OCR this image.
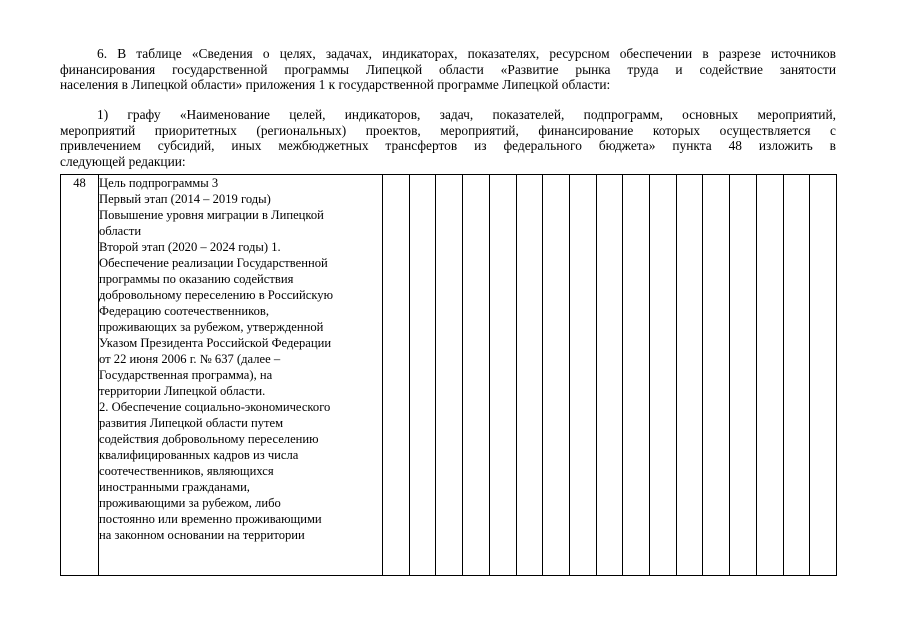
6. В таблице «Сведения о целях, задачах, индикаторах, показателях, ресурсном обеспечении в разрезе источников
финансирования государственной программы Липецкой области «Развитие рынка труда и содействие занятости
населения в Липецкой области» приложения 1 к государственной программе Липецкой области:
1) графу «Наименование целей, индикаторов, задач, показателей, подпрограмм, основных мероприятий,
мероприятий приоритетных (региональных) проектов, мероприятий, финансирование которых осуществляется с
привлечением субсидий, иных межбюджетных трансфертов из федерального бюджета» пункта 48 изложить в
следующей редакции:
48	Цель подпрограммы 3
Первый этап (2014 – 2019 годы)
Повышение уровня миграции в Липецкой
области
Второй этап (2020 – 2024 годы) 1.
Обеспечение реализации Государственной
программы по оказанию содействия
добровольному переселению в Российскую
Федерацию соотечественников,
проживающих за рубежом, утвержденной
Указом Президента Российской Федерации
от 22 июня 2006 г. № 637 (далее –
Государственная программа), на
территории Липецкой области.
2. Обеспечение социально-экономического
развития Липецкой области путем
содействия добровольному переселению
квалифицированных кадров из числа
соотечественников, являющихся
иностранными гражданами,
проживающими за рубежом, либо
постоянно или временно проживающими
на законном основании на территории
